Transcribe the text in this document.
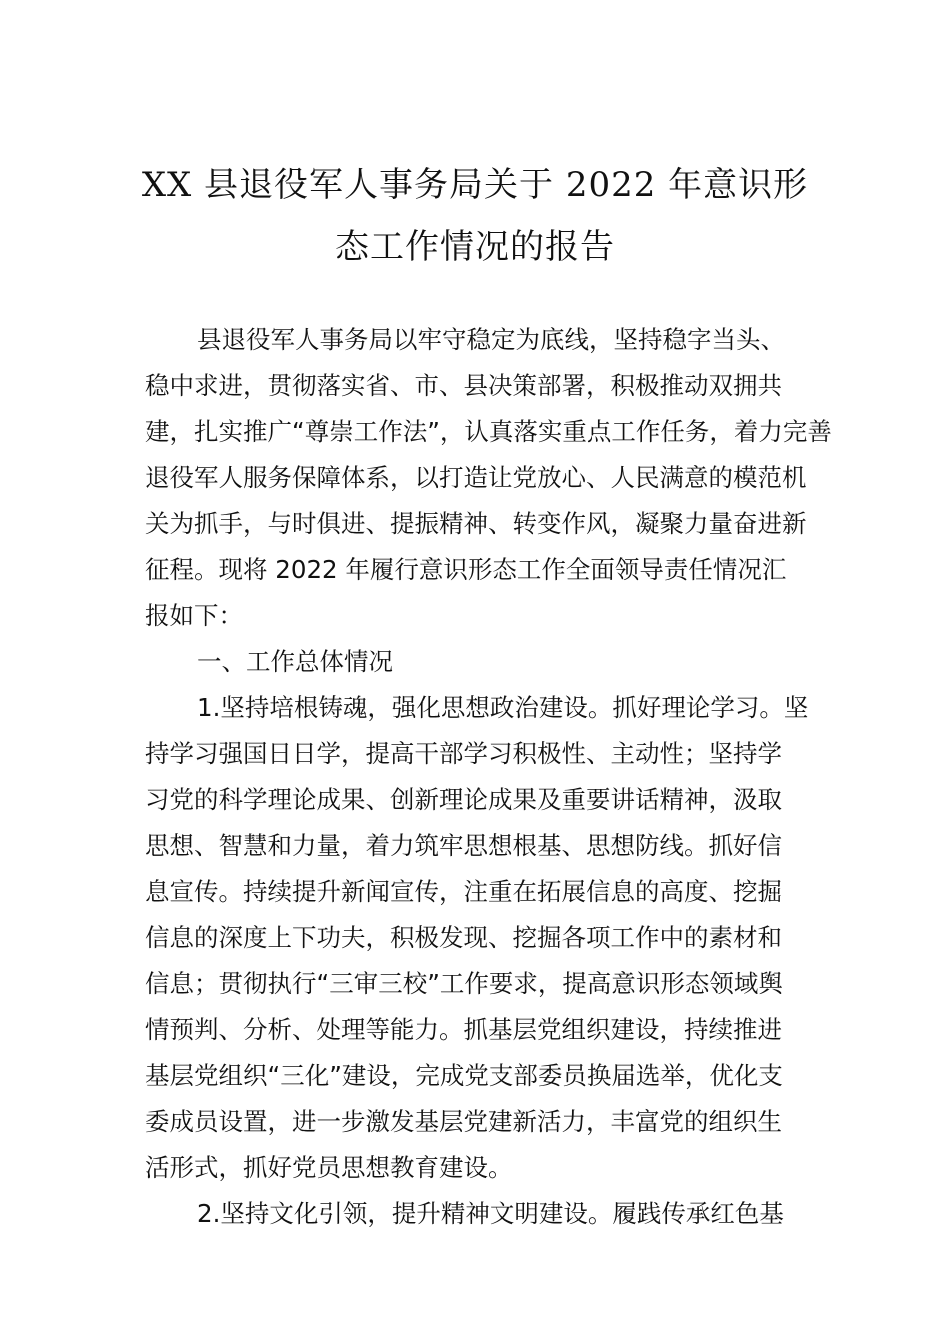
XX 县退役军人事务局关于 2022 年意识形
态工作情况的报告
县退役军人事务局以牢守稳定为底线，坚持稳字当头、
稳中求进，贯彻落实省、市、县决策部署，积极推动双拥共
建，扎实推广“尊崇工作法”，认真落实重点工作任务，着力完善
退役军人服务保障体系，以打造让党放心、人民满意的模范机
关为抓手，与时俱进、提振精神、转变作风，凝聚力量奋进新
征程。现将 2022 年履行意识形态工作全面领导责任情况汇
报如下：
一、工作总体情况
1.坚持培根铸魂，强化思想政治建设。抓好理论学习。坚
持学习强国日日学，提高干部学习积极性、主动性；坚持学
习党的科学理论成果、创新理论成果及重要讲话精神，汲取
思想、智慧和力量，着力筑牢思想根基、思想防线。抓好信
息宣传。持续提升新闻宣传，注重在拓展信息的高度、挖掘
信息的深度上下功夫，积极发现、挖掘各项工作中的素材和
信息；贯彻执行“三审三校”工作要求，提高意识形态领域舆
情预判、分析、处理等能力。抓基层党组织建设，持续推进
基层党组织“三化”建设，完成党支部委员换届选举，优化支
委成员设置，进一步激发基层党建新活力，丰富党的组织生
活形式，抓好党员思想教育建设。
2.坚持文化引领，提升精神文明建设。履践传承红色基
